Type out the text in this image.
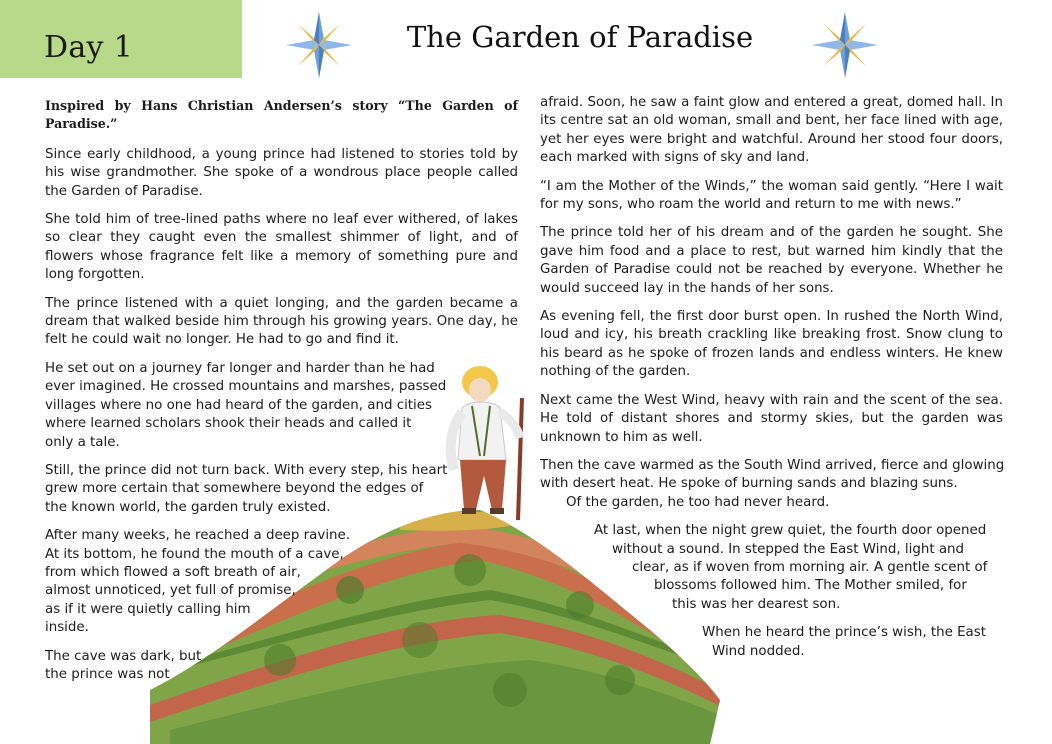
Day 1	The Garden of Paradise

Inspired by Hans Christian Andersen’s story “The Garden of Paradise.”

Since early childhood, a young prince had listened to stories told by his wise grandmother. She spoke of a wondrous place people called the Garden of Paradise.

She told him of tree-lined paths where no leaf ever withered, of lakes so clear they caught even the smallest shimmer of light, and of flowers whose fragrance felt like a memory of something pure and long forgotten.

The prince listened with a quiet longing, and the garden became a dream that walked beside him through his growing years. One day, he felt he could wait no longer. He had to go and find it.

He set out on a journey far longer and harder than he had
ever imagined. He crossed mountains and marshes, passed
villages where no one had heard of the garden, and cities
where learned scholars shook their heads and called it
only a tale.

Still, the prince did not turn back. With every step, his heart
grew more certain that somewhere beyond the edges of
the known world, the garden truly existed.

After many weeks, he reached a deep ravine.
At its bottom, he found the mouth of a cave,
from which flowed a soft breath of air,
almost unnoticed, yet full of promise,
as if it were quietly calling him
inside.

The cave was dark, but
the prince was not

afraid. Soon, he saw a faint glow and entered a great, domed hall. In its centre sat an old woman, small and bent, her face lined with age, yet her eyes were bright and watchful. Around her stood four doors, each marked with signs of sky and land.

“I am the Mother of the Winds,” the woman said gently. “Here I wait for my sons, who roam the world and return to me with news.”

The prince told her of his dream and of the garden he sought. She gave him food and a place to rest, but warned him kindly that the Garden of Paradise could not be reached by everyone. Whether he would succeed lay in the hands of her sons.

As evening fell, the first door burst open. In rushed the North Wind, loud and icy, his breath crackling like breaking frost. Snow clung to his beard as he spoke of frozen lands and endless winters. He knew nothing of the garden.

Next came the West Wind, heavy with rain and the scent of the sea. He told of distant shores and stormy skies, but the garden was unknown to him as well.

Then the cave warmed as the South Wind arrived, fierce and glowing
with desert heat. He spoke of burning sands and blazing suns.
Of the garden, he too had never heard.

At last, when the night grew quiet, the fourth door opened
without a sound. In stepped the East Wind, light and
clear, as if woven from morning air. A gentle scent of
blossoms followed him. The Mother smiled, for
this was her dearest son.

When he heard the prince’s wish, the East
Wind nodded.
